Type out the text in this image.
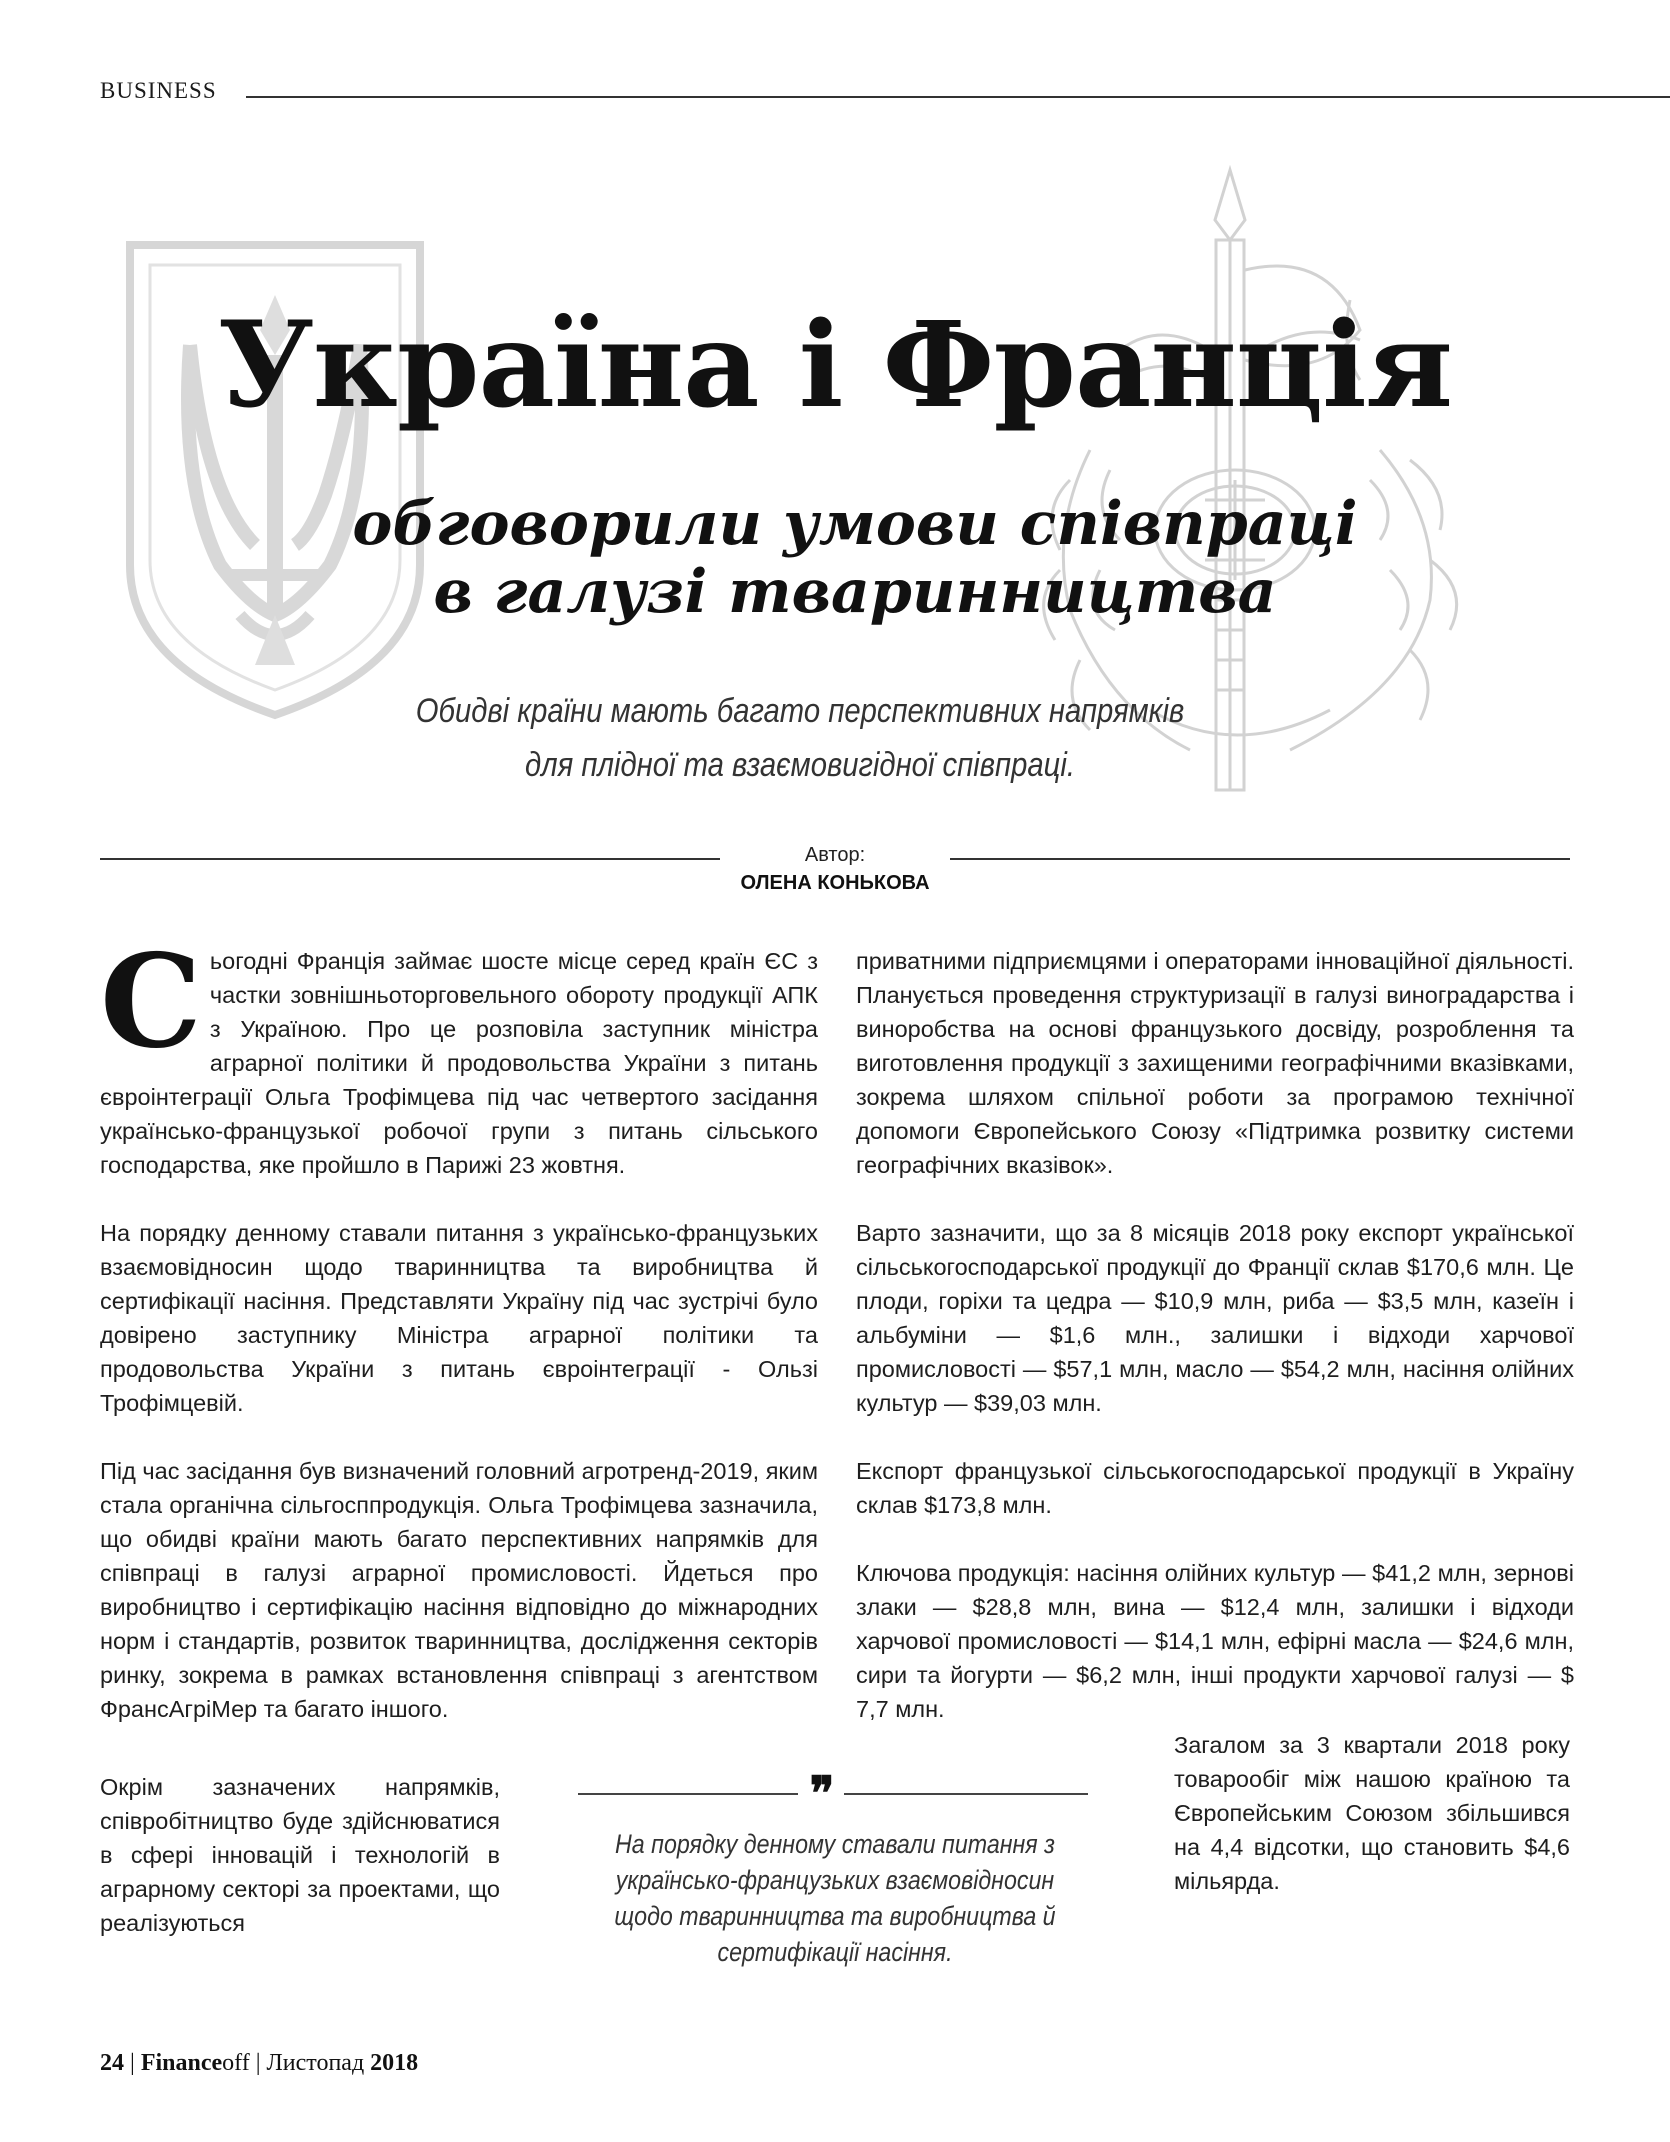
BUSINESS
Україна і Франція
обговорили умови співпраці
в галузі тваринництва
Обидві країни мають багато перспективних напрямків
для плідної та взаємовигідної співпраці.
Автор:
ОЛЕНА КОНЬКОВА

Сьогодні Франція займає шосте місце серед країн ЄС з частки зовнішньоторговельного обороту продукції АПК з Україною. Про це розповіла заступник міністра аграрної політики й продовольства України з питань євроінтеграції Ольга Трофімцева під час четвертого засідання українсько-французької робочої групи з питань сільського господарства, яке пройшло в Парижі 23 жовтня.

На порядку денному ставали питання з українсько-французьких взаємовідносин щодо тваринництва та виробництва й сертифікації насіння. Представляти Україну під час зустрічі було довірено заступнику Міністра аграрної політики та продовольства України з питань євроінтеграції - Ользі Трофімцевій.

Під час засідання був визначений головний агротренд-2019, яким стала органічна сільгосппродукція. Ольга Трофімцева зазначила, що обидві країни мають багато перспективних напрямків для співпраці в галузі аграрної промисловості. Йдеться про виробництво і сертифікацію насіння відповідно до міжнародних норм і стандартів, розвиток тваринництва, дослідження секторів ринку, зокрема в рамках встановлення співпраці з агентством ФрансАгріМер та багато іншого.

Окрім зазначених напрямків, співробітництво буде здійснюватися в сфері інновацій і технологій в аграрному секторі за проектами, що реалізуються

приватними підприємцями і операторами інноваційної діяльності. Планується проведення структуризації в галузі виноградарства і виноробства на основі французького досвіду, розроблення та виготовлення продукції з захищеними географічними вказівками, зокрема шляхом спільної роботи за програмою технічної допомоги Європейського Союзу «Підтримка розвитку системи географічних вказівок».

Варто зазначити, що за 8 місяців 2018 року експорт української сільськогосподарської продукції до Франції склав $170,6 млн. Це плоди, горіхи та цедра — $10,9 млн, риба — $3,5 млн, казеїн і альбуміни — $1,6 млн., залишки і відходи харчової промисловості — $57,1 млн, масло — $54,2 млн, насіння олійних культур — $39,03 млн.

Експорт французької сільськогосподарської продукції в Україну склав $173,8 млн.

Ключова продукція: насіння олійних культур — $41,2 млн, зернові злаки — $28,8 млн, вина — $12,4 млн, залишки і відходи харчової промисловості — $14,1 млн, ефірні масла — $24,6 млн, сири та йогурти — $6,2 млн, інші продукти харчової галузі — $ 7,7 млн.

Загалом за 3 квартали 2018 року товарообіг між нашою країною та Європейським Союзом збільшився на 4,4 відсотки, що становить $4,6 мільярда.

❞
На порядку денному ставали питання з українсько-французьких взаємовідносин щодо тваринництва та виробництва й сертифікації насіння.
24 | Financeoff | Листопад 2018
